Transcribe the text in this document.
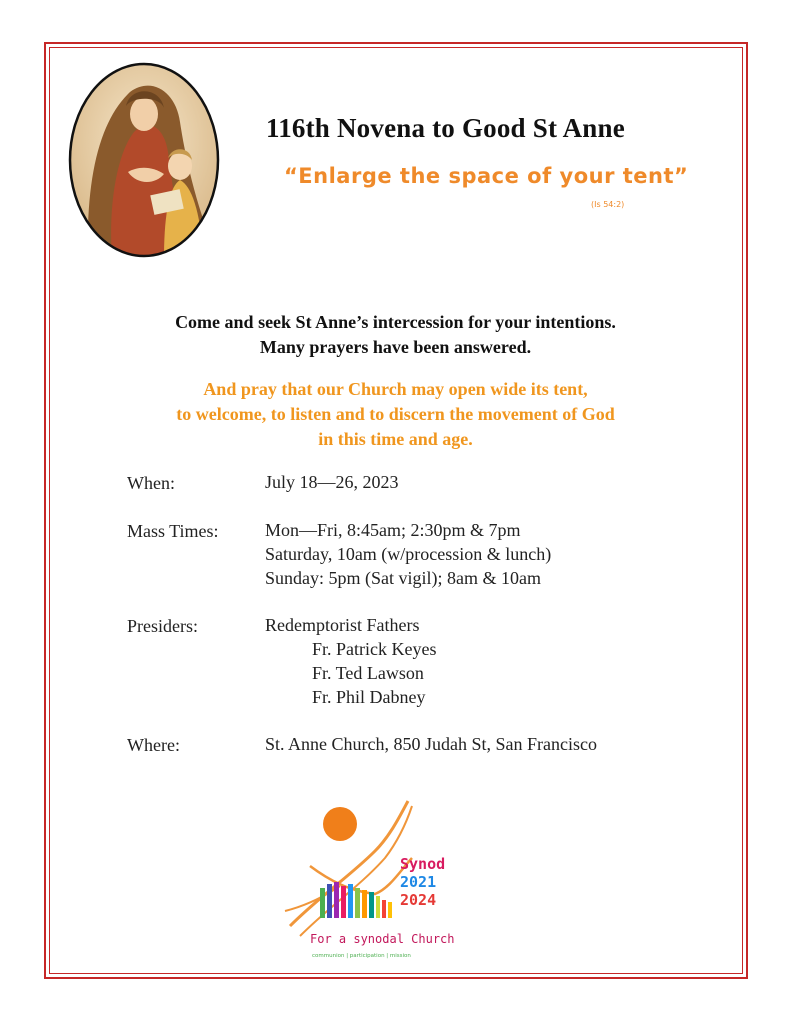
116th Novena to Good St Anne
“Enlarge the space of your tent”
(Is 54:2)
Come and seek St Anne’s intercession for your intentions.
Many prayers have been answered.
And pray that our Church may open wide its tent,
to welcome, to listen and to discern the movement of God
in this time and age.
When:	July 18—26, 2023
Mass Times:	Mon—Fri, 8:45am; 2:30pm & 7pm
Saturday, 10am (w/procession & lunch)
Sunday: 5pm (Sat vigil); 8am & 10am
Presiders:	Redemptorist Fathers
Fr. Patrick Keyes
Fr. Ted Lawson
Fr. Phil Dabney
Where:	St. Anne Church, 850 Judah St, San Francisco
Synod
2021
2024
For a synodal Church
communion | participation | mission
